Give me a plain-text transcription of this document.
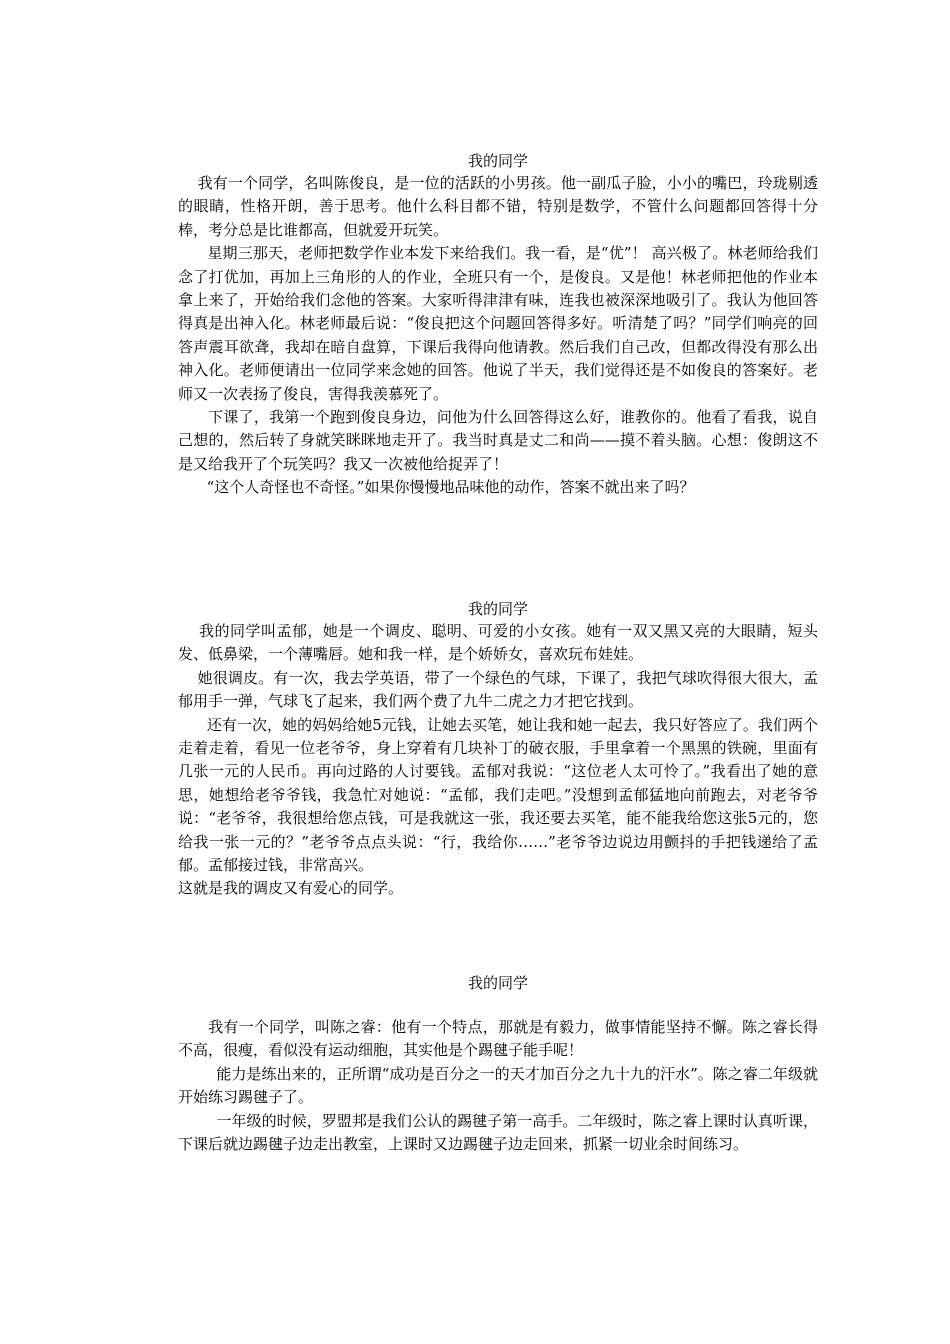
我的同学

我有一个同学，名叫陈俊良，是一位的活跃的小男孩。他一副瓜子脸，小小的嘴巴，玲珑剔透的眼睛，性格开朗，善于思考。他什么科目都不错，特别是数学，不管什么问题都回答得十分棒，考分总是比谁都高，但就爱开玩笑。

星期三那天，老师把数学作业本发下来给我们。我一看，是“优”！ 高兴极了。林老师给我们念了打优加，再加上三角形的人的作业，全班只有一个，是俊良。又是他！林老师把他的作业本拿上来了，开始给我们念他的答案。大家听得津津有味，连我也被深深地吸引了。我认为他回答得真是出神入化。林老师最后说：“俊良把这个问题回答得多好。听清楚了吗？”同学们响亮的回答声震耳欲聋，我却在暗自盘算，下课后我得向他请教。然后我们自己改，但都改得没有那么出神入化。老师便请出一位同学来念她的回答。他说了半天，我们觉得还是不如俊良的答案好。老师又一次表扬了俊良，害得我羡慕死了。

下课了，我第一个跑到俊良身边，问他为什么回答得这么好，谁教你的。他看了看我，说自己想的，然后转了身就笑眯眯地走开了。我当时真是丈二和尚——摸不着头脑。心想：俊朗这不是又给我开了个玩笑吗？我又一次被他给捉弄了！

“这个人奇怪也不奇怪。”如果你慢慢地品味他的动作，答案不就出来了吗？

我的同学

我的同学叫孟郁，她是一个调皮、聪明、可爱的小女孩。她有一双又黑又亮的大眼睛，短头发、低鼻梁，一个薄嘴唇。她和我一样，是个娇娇女，喜欢玩布娃娃。

她很调皮。有一次，我去学英语，带了一个绿色的气球，下课了，我把气球吹得很大很大，孟郁用手一弹，气球飞了起来，我们两个费了九牛二虎之力才把它找到。

还有一次，她的妈妈给她5元钱，让她去买笔，她让我和她一起去，我只好答应了。我们两个走着走着，看见一位老爷爷，身上穿着有几块补丁的破衣服，手里拿着一个黑黑的铁碗，里面有几张一元的人民币。再向过路的人讨要钱。孟郁对我说：“这位老人太可怜了。”我看出了她的意思，她想给老爷爷钱，我急忙对她说：“孟郁，我们走吧。”没想到孟郁猛地向前跑去，对老爷爷说：“老爷爷，我很想给您点钱，可是我就这一张，我还要去买笔，能不能我给您这张5元的，您给我一张一元的？”老爷爷点点头说：“行，我给你……”老爷爷边说边用颤抖的手把钱递给了孟郁。孟郁接过钱，非常高兴。

这就是我的调皮又有爱心的同学。

我的同学

我有一个同学，叫陈之睿：他有一个特点，那就是有毅力，做事情能坚持不懈。陈之睿长得不高，很瘦，看似没有运动细胞，其实他是个踢毽子能手呢！

能力是练出来的，正所谓“成功是百分之一的天才加百分之九十九的汗水”。陈之睿二年级就开始练习踢毽子了。

一年级的时候，罗盟邦是我们公认的踢毽子第一高手。二年级时，陈之睿上课时认真听课，下课后就边踢毽子边走出教室，上课时又边踢毽子边走回来，抓紧一切业余时间练习。
